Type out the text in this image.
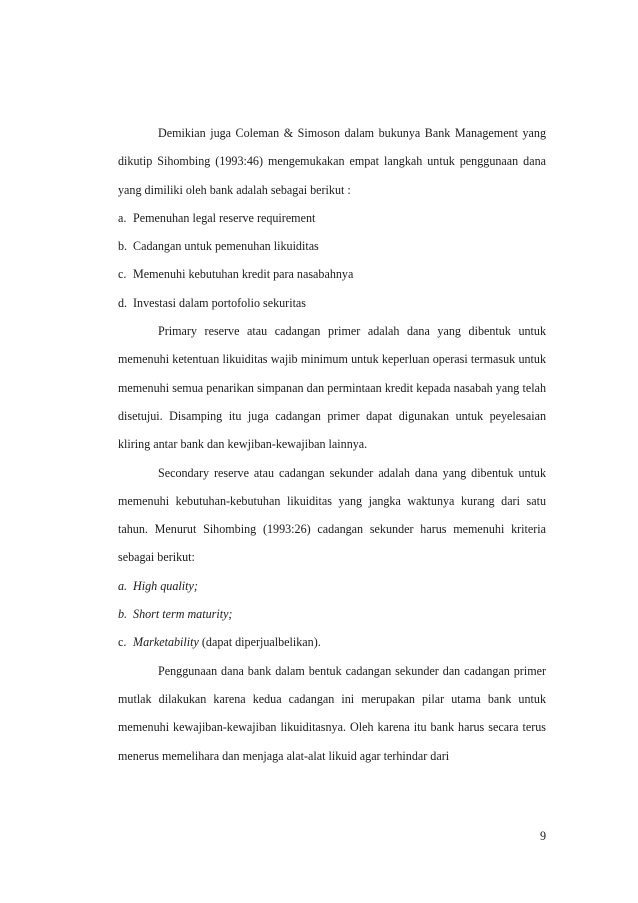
Demikian juga Coleman & Simoson dalam bukunya Bank Management yang dikutip Sihombing (1993:46) mengemukakan empat langkah untuk penggunaan dana yang dimiliki oleh bank adalah sebagai berikut :

a. Pemenuhan legal reserve requirement
b. Cadangan untuk pemenuhan likuiditas
c. Memenuhi kebutuhan kredit para nasabahnya
d. Investasi dalam portofolio sekuritas

Primary reserve atau cadangan primer adalah dana yang dibentuk untuk memenuhi ketentuan likuiditas wajib minimum untuk keperluan operasi termasuk untuk memenuhi semua penarikan simpanan dan permintaan kredit kepada nasabah yang telah disetujui. Disamping itu juga cadangan primer dapat digunakan untuk peyelesaian kliring antar bank dan kewjiban-kewajiban lainnya.

Secondary reserve atau cadangan sekunder adalah dana yang dibentuk untuk memenuhi kebutuhan-kebutuhan likuiditas yang jangka waktunya kurang dari satu tahun. Menurut Sihombing (1993:26) cadangan sekunder harus memenuhi kriteria sebagai berikut:

a. High quality;
b. Short term maturity;
c. Marketability (dapat diperjualbelikan).

Penggunaan dana bank dalam bentuk cadangan sekunder dan cadangan primer mutlak dilakukan karena kedua cadangan ini merupakan pilar utama bank untuk memenuhi kewajiban-kewajiban likuiditasnya. Oleh karena itu bank harus secara terus menerus memelihara dan menjaga alat-alat likuid agar terhindar dari

9
